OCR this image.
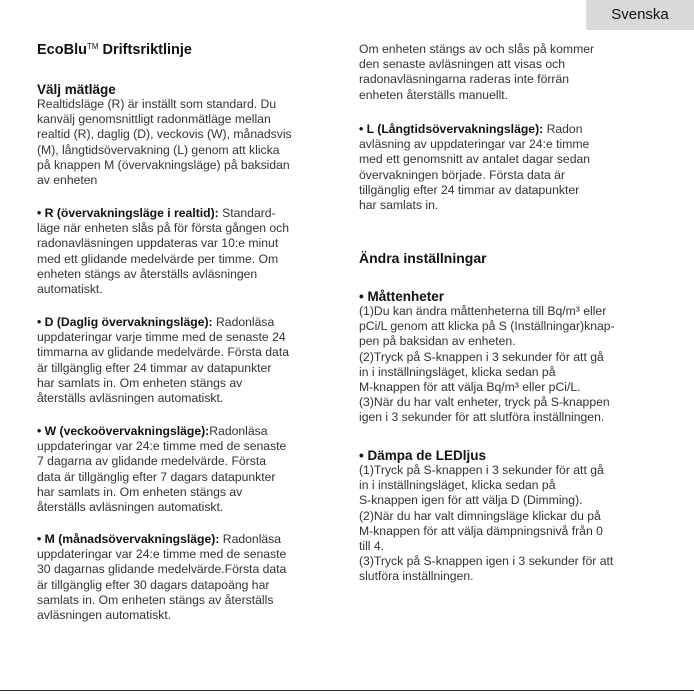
Svenska
EcoBlu™ Driftsriktlinje
Välj mätläge

Realtidsläge (R) är inställt som standard. Du
kanvälj genomsnittligt radonmätläge mellan
realtid (R), daglig (D), veckovis (W), månadsvis
(M), långtidsövervakning (L) genom att klicka
på knappen M (övervakningsläge) på baksidan
av enheten

• R (övervakningsläge i realtid): Standard-
läge när enheten slås på för första gången och
radonavläsningen uppdateras var 10:e minut
med ett glidande medelvärde per timme. Om
enheten stängs av återställs avläsningen
automatiskt.

• D (Daglig övervakningsläge): Radonläsa
uppdateringar varje timme med de senaste 24
timmarna av glidande medelvärde. Första data
är tillgänglig efter 24 timmar av datapunkter
har samlats in. Om enheten stängs av
återställs avläsningen automatiskt.

• W (veckoövervakningsläge):Radonläsa
uppdateringar var 24:e timme med de senaste
7 dagarna av glidande medelvärde. Första
data är tillgänglig efter 7 dagars datapunkter
har samlats in. Om enheten stängs av
återställs avläsningen automatiskt.

• M (månadsövervakningsläge): Radonläsa
uppdateringar var 24:e timme med de senaste
30 dagarnas glidande medelvärde.Första data
är tillgänglig efter 30 dagars datapoäng har
samlats in. Om enheten stängs av återställs
avläsningen automatiskt.

Om enheten stängs av och slås på kommer
den senaste avläsningen att visas och
radonavläsningarna raderas inte förrän
enheten återställs manuellt.

• L (Långtidsövervakningsläge): Radon
avläsning av uppdateringar var 24:e timme
med ett genomsnitt av antalet dagar sedan
övervakningen började. Första data är
tillgänglig efter 24 timmar av datapunkter
har samlats in.

Ändra inställningar
• Måttenheter

(1)Du kan ändra måttenheterna till Bq/m³ eller
pCi/L genom att klicka på S (Inställningar)knap-
pen på baksidan av enheten.
(2)Tryck på S-knappen i 3 sekunder för att gå
in i inställningsläget, klicka sedan på
M-knappen för att välja Bq/m³ eller pCi/L.
(3)När du har valt enheter, tryck på S-knappen
igen i 3 sekunder för att slutföra inställningen.

• Dämpa de LEDljus

(1)Tryck på S-knappen i 3 sekunder för att gå
in i inställningsläget, klicka sedan på
S-knappen igen för att välja D (Dimming).
(2)När du har valt dimningsläge klickar du på
M-knappen för att välja dämpningsnivå från 0
till 4.
(3)Tryck på S-knappen igen i 3 sekunder för att
slutföra inställningen.
